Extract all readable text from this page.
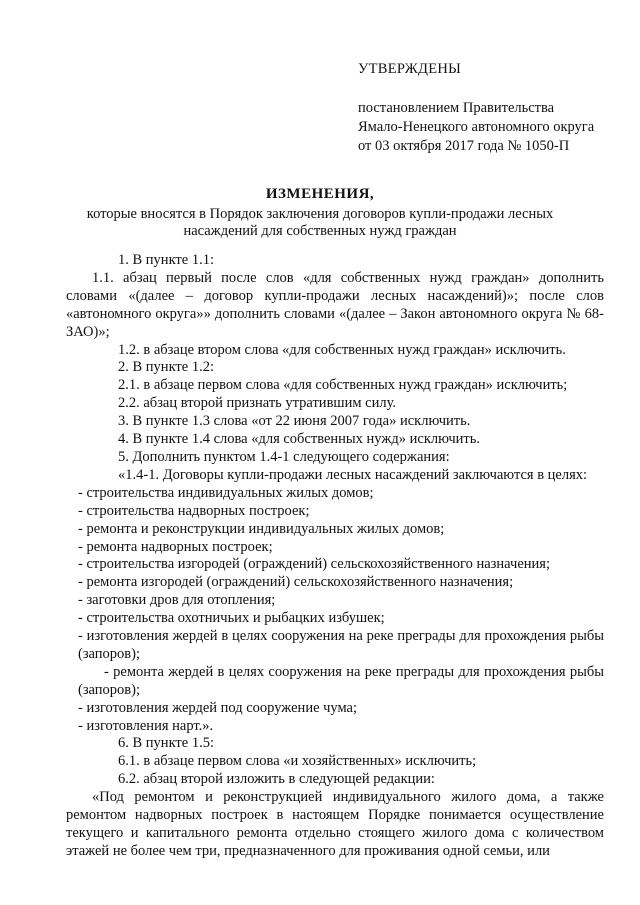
УТВЕРЖДЕНЫ
постановлением Правительства
Ямало-Ненецкого автономного округа
от 03 октября 2017 года № 1050-П
ИЗМЕНЕНИЯ,
которые вносятся в Порядок заключения договоров купли-продажи лесных насаждений для собственных нужд граждан

1. В пункте 1.1:

1.1. абзац первый после слов «для собственных нужд граждан» дополнить словами «(далее – договор купли-продажи лесных насаждений)»; после слов «автономного округа»» дополнить словами «(далее – Закон автономного округа № 68-ЗАО)»;

1.2. в абзаце втором слова «для собственных нужд граждан» исключить.

2. В пункте 1.2:

2.1. в абзаце первом слова «для собственных нужд граждан» исключить;

2.2. абзац второй признать утратившим силу.

3. В пункте 1.3 слова «от 22 июня 2007 года» исключить.

4. В пункте 1.4 слова «для собственных нужд» исключить.

5. Дополнить пунктом 1.4-1 следующего содержания:

«1.4-1. Договоры купли-продажи лесных насаждений заключаются в целях:

- строительства индивидуальных жилых домов;

- строительства надворных построек;

- ремонта и реконструкции индивидуальных жилых домов;

- ремонта надворных построек;

- строительства изгородей (ограждений) сельскохозяйственного назначения;

- ремонта изгородей (ограждений) сельскохозяйственного назначения;

- заготовки дров для отопления;

- строительства охотничьих и рыбацких избушек;

- изготовления жердей в целях сооружения на реке преграды для прохождения рыбы (запоров);

- ремонта жердей в целях сооружения на реке преграды для прохождения рыбы (запоров);

- изготовления жердей под сооружение чума;

- изготовления нарт.».

6. В пункте 1.5:

6.1. в абзаце первом слова «и хозяйственных» исключить;

6.2. абзац второй изложить в следующей редакции:

«Под ремонтом и реконструкцией индивидуального жилого дома, а также ремонтом надворных построек в настоящем Порядке понимается осуществление текущего и капитального ремонта отдельно стоящего жилого дома с количеством этажей не более чем три, предназначенного для проживания одной семьи, или
